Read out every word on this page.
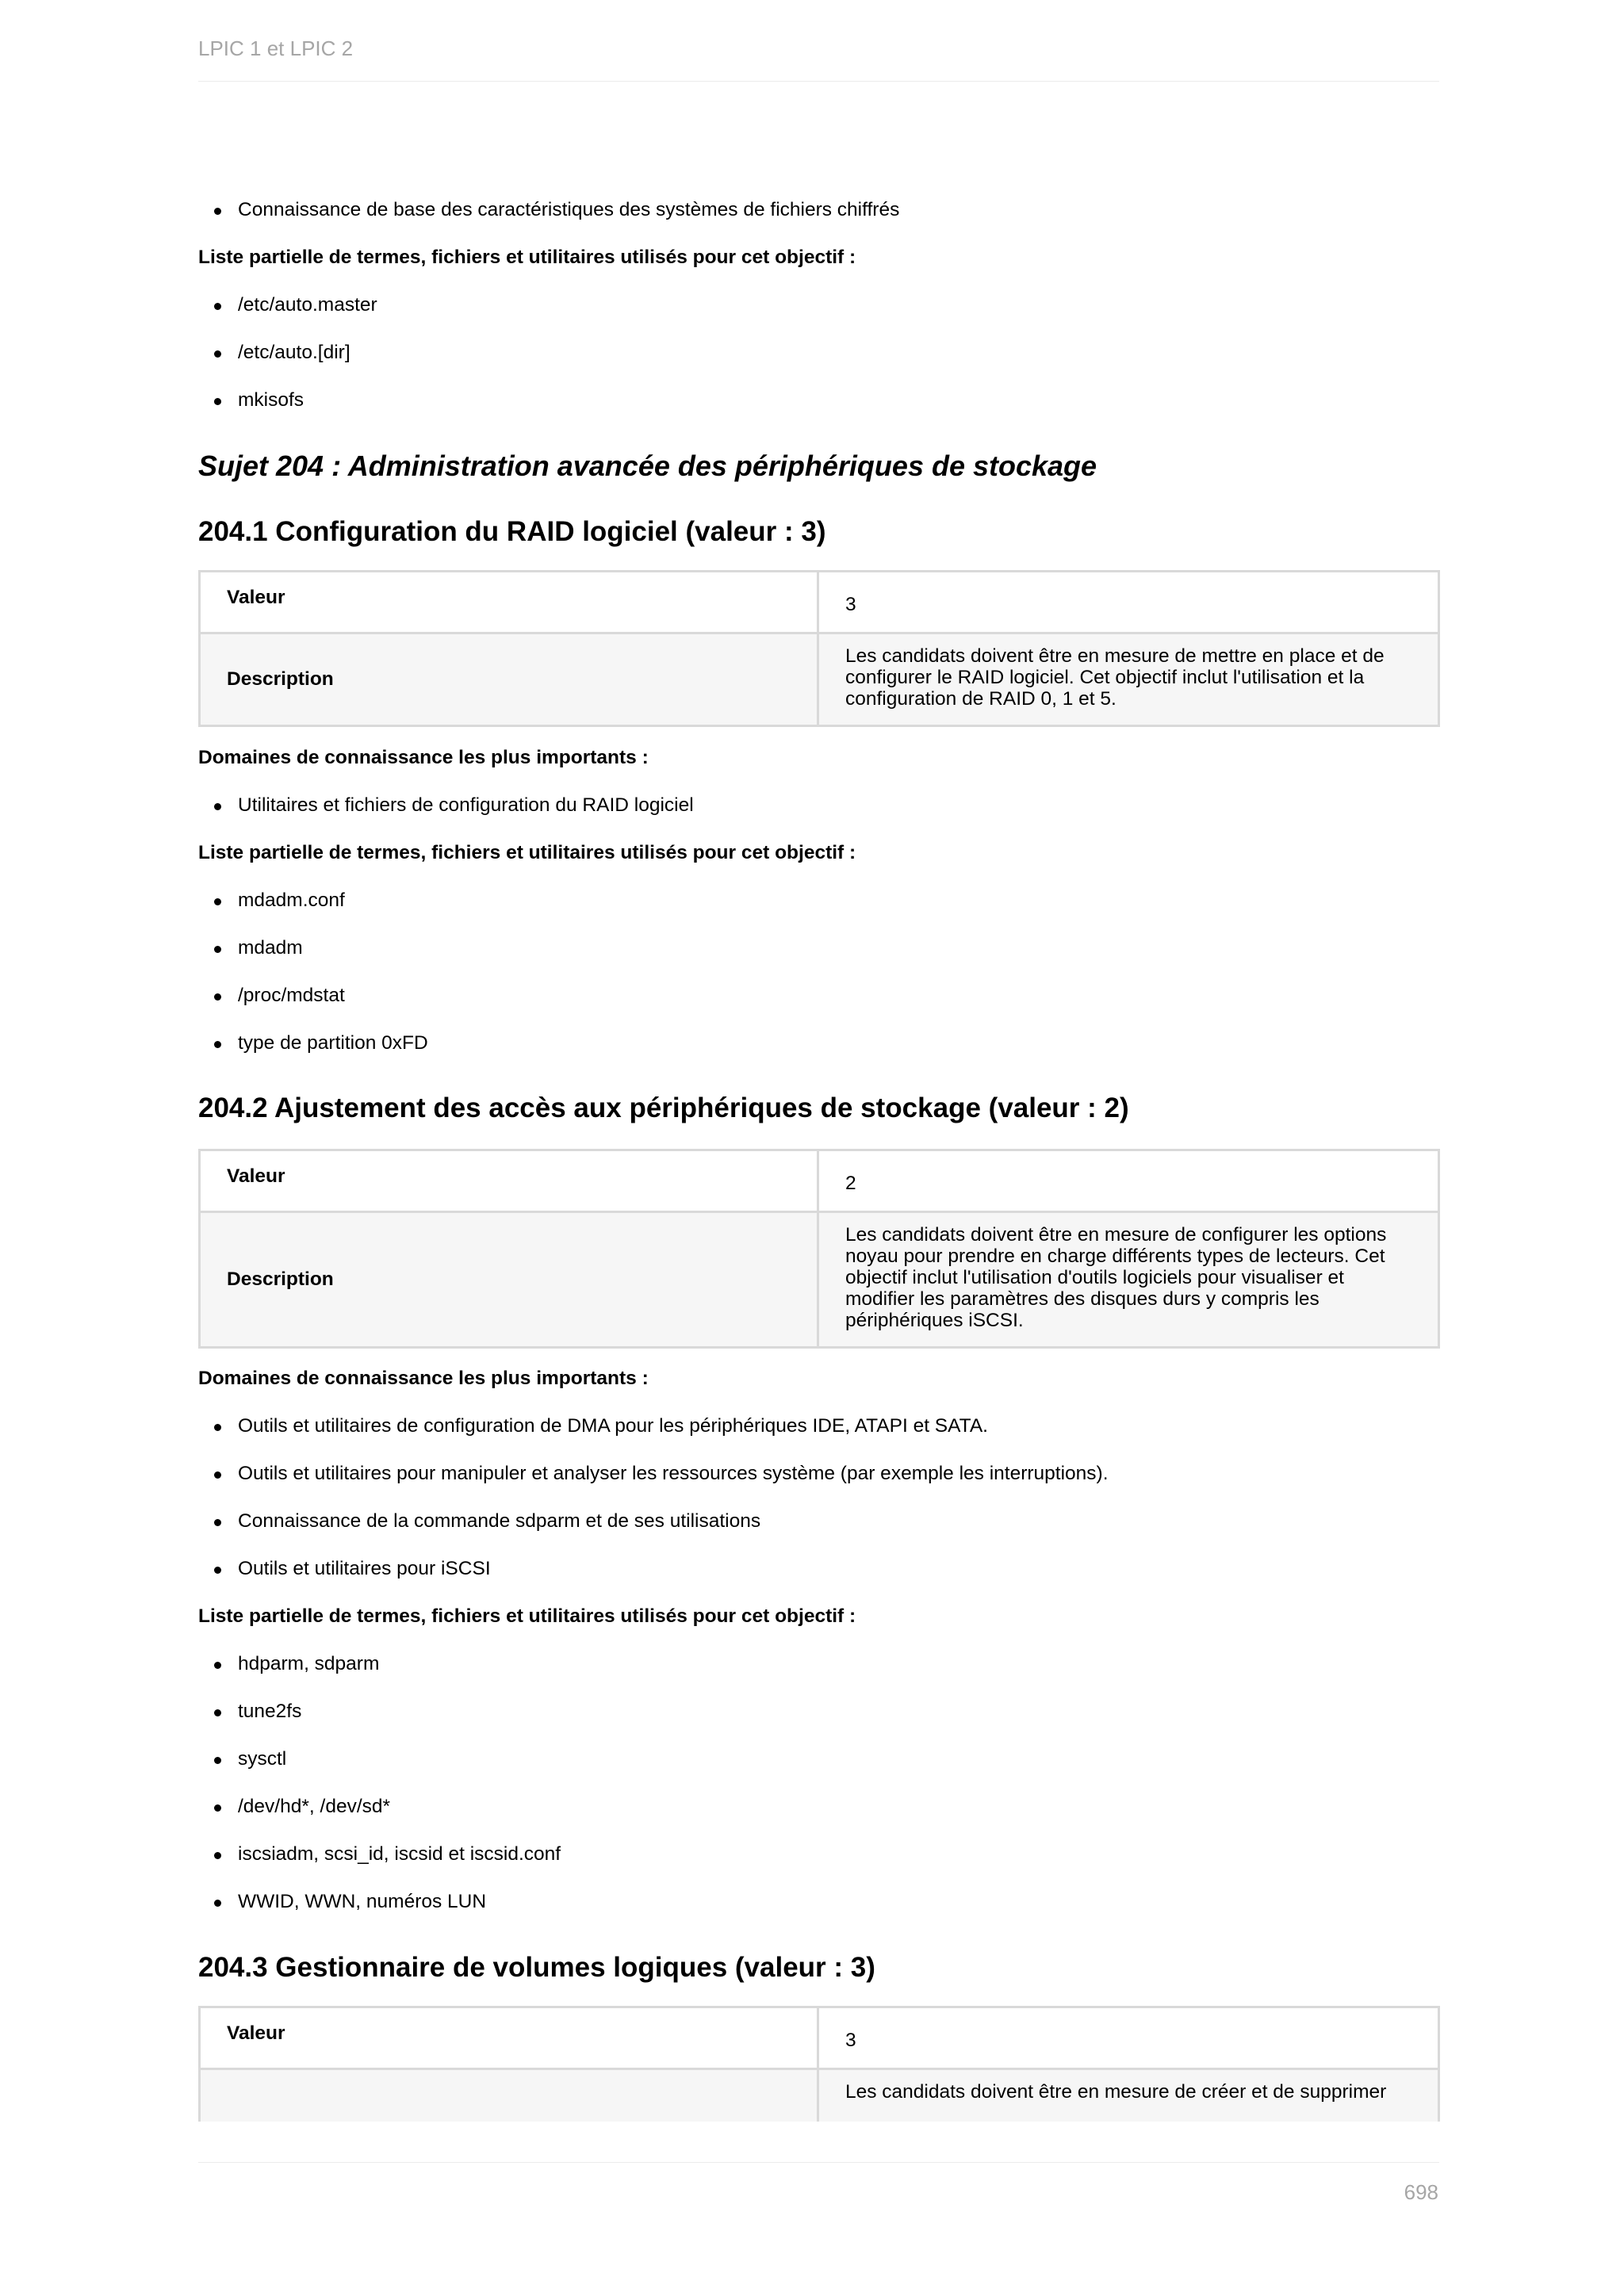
LPIC 1 et LPIC 2
Connaissance de base des caractéristiques des systèmes de fichiers chiffrés
Liste partielle de termes, fichiers et utilitaires utilisés pour cet objectif :
/etc/auto.master
/etc/auto.[dir]
mkisofs
Sujet 204 : Administration avancée des périphériques de stockage
204.1 Configuration du RAID logiciel (valeur : 3)
Valeur	3
Description	Les candidats doivent être en mesure de mettre en place et de configurer le RAID logiciel. Cet objectif inclut l'utilisation et la configuration de RAID 0, 1 et 5.
Domaines de connaissance les plus importants :
Utilitaires et fichiers de configuration du RAID logiciel
Liste partielle de termes, fichiers et utilitaires utilisés pour cet objectif :
mdadm.conf
mdadm
/proc/mdstat
type de partition 0xFD
204.2 Ajustement des accès aux périphériques de stockage (valeur : 2)
Valeur	2
Description	Les candidats doivent être en mesure de configurer les options noyau pour prendre en charge différents types de lecteurs. Cet objectif inclut l'utilisation d'outils logiciels pour visualiser et modifier les paramètres des disques durs y compris les périphériques iSCSI.
Domaines de connaissance les plus importants :
Outils et utilitaires de configuration de DMA pour les périphériques IDE, ATAPI et SATA.
Outils et utilitaires pour manipuler et analyser les ressources système (par exemple les interruptions).
Connaissance de la commande sdparm et de ses utilisations
Outils et utilitaires pour iSCSI
Liste partielle de termes, fichiers et utilitaires utilisés pour cet objectif :
hdparm, sdparm
tune2fs
sysctl
/dev/hd*, /dev/sd*
iscsiadm, scsi_id, iscsid et iscsid.conf
WWID, WWN, numéros LUN
204.3 Gestionnaire de volumes logiques (valeur : 3)
Valeur	3
	Les candidats doivent être en mesure de créer et de supprimer
698
